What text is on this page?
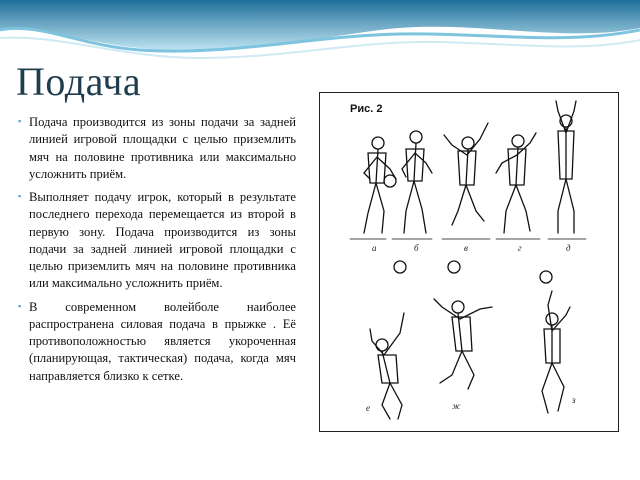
Подача
▪ Подача производится из зоны подачи за задней линией игровой площадки с целью приземлить мяч на половине противника или максимально усложнить приём.
▪ Выполняет подачу игрок, который в результате последнего перехода перемещается из второй в первую зону. Подача производится из зоны подачи за задней линией игровой площадки с целью приземлить мяч на половине противника или максимально усложнить приём.
▪ В современном волейболе наиболее распространена силовая подача в прыжке . Её противоположностью является укороченная (планирующая, тактическая) подача, когда мяч направляется близко к сетке.
Рис. 2
а	б	в	г	д
е	ж
з
